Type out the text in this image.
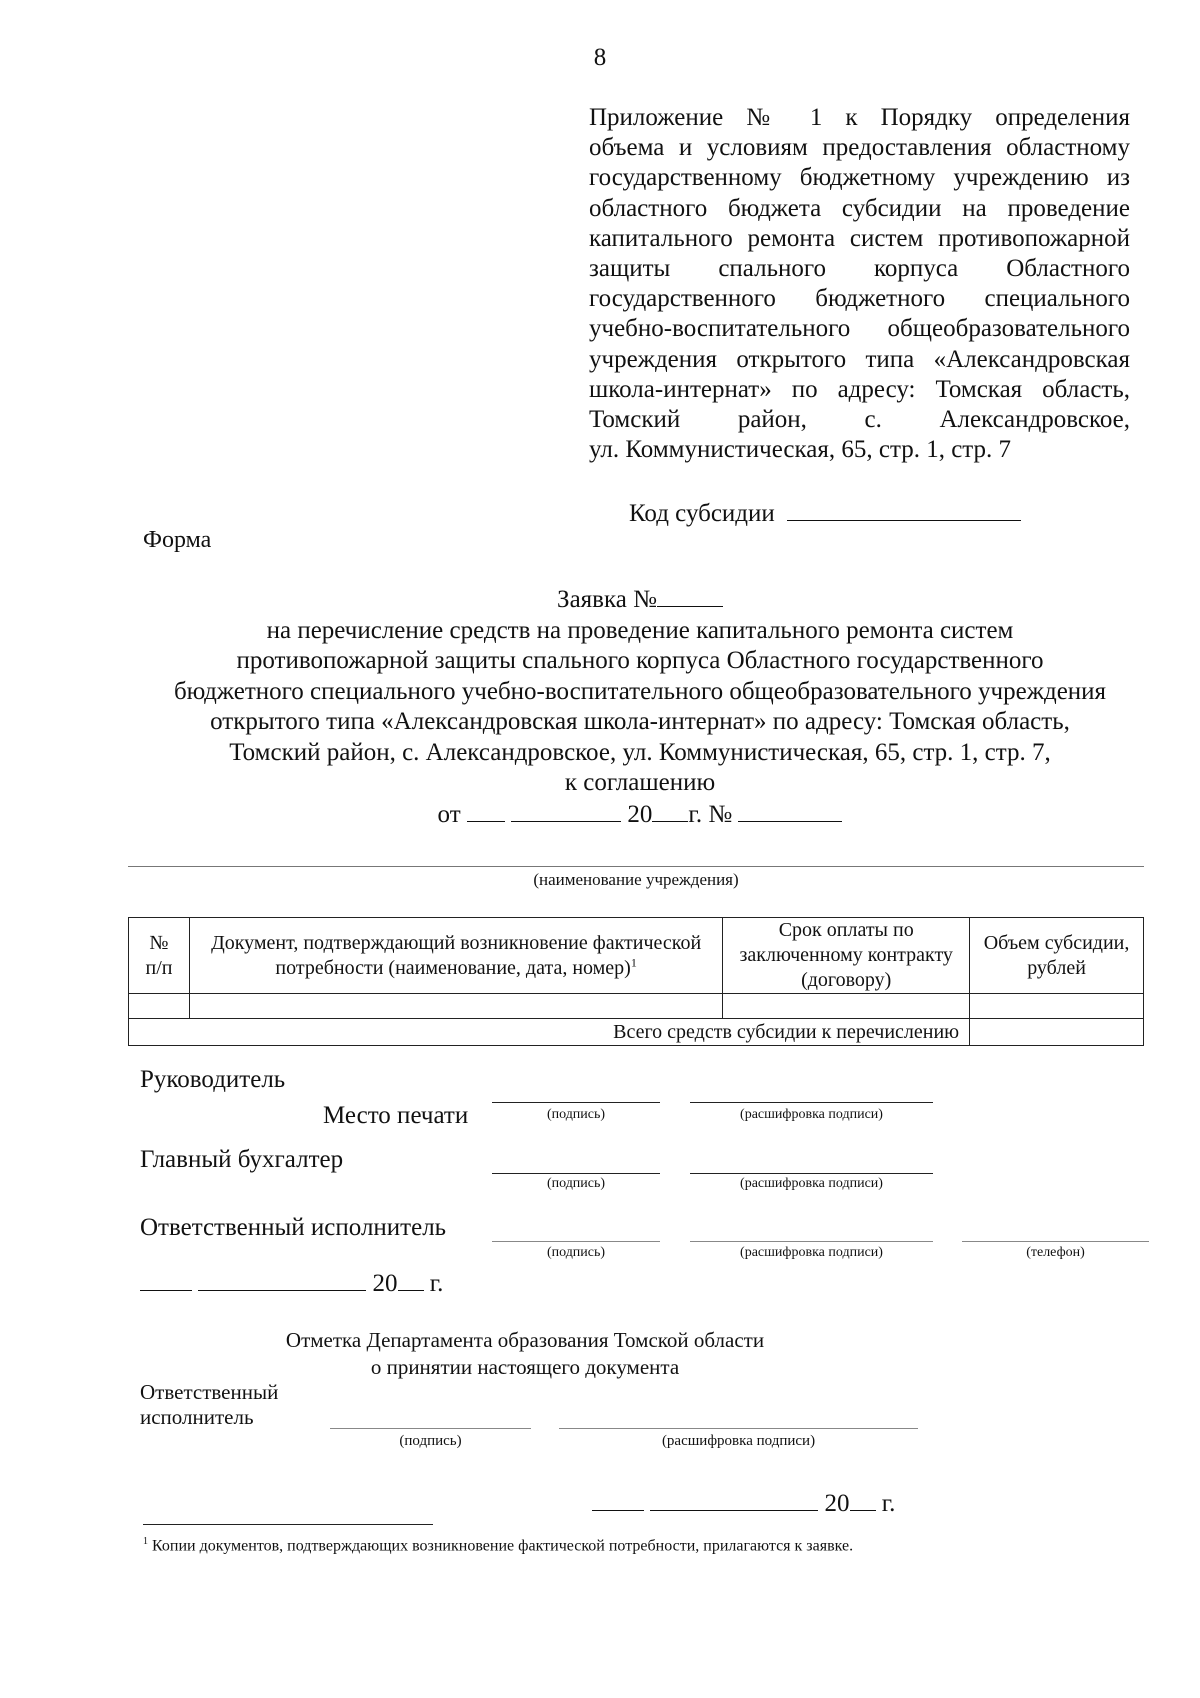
8
Приложение № 1 к Порядку определения
объема и условиям предоставления областному
государственному бюджетному учреждению из
областного бюджета субсидии на проведение
капитального ремонта систем противопожарной
защиты спального корпуса Областного
государственного бюджетного специального
учебно-воспитательного общеобразовательного
учреждения открытого типа «Александровская
школа-интернат» по адресу: Томская область,
Томский район, с. Александровское,
ул. Коммунистическая, 65, стр. 1, стр. 7
Код субсидии
Форма
Заявка №
на перечисление средств на проведение капитального ремонта систем
противопожарной защиты спального корпуса Областного государственного
бюджетного специального учебно-воспитательного общеобразовательного учреждения
открытого типа «Александровская школа-интернат» по адресу: Томская область,
Томский район, с. Александровское, ул. Коммунистическая, 65, стр. 1, стр. 7,
к соглашению
от	20 г. №
(наименование учреждения)
№
п/п	Документ, подтверждающий возникновение фактической потребности (наименование, дата, номер)$^1$	Срок оплаты по заключенному контракту (договору)	Объем субсидии, рублей

Всего средств субсидии к перечислению			
Руководитель
Место печати	(подпись)	(расшифровка подписи)
Главный бухгалтер
(подпись)	(расшифровка подписи)
Ответственный исполнитель
(подпись)	(расшифровка подписи)	(телефон)
20 г.
Отметка Департамента образования Томской области
о принятии настоящего документа
Ответственный
исполнитель
(подпись)	(расшифровка подписи)
20 г.
$^1$ Копии документов, подтверждающих возникновение фактической потребности, прилагаются к заявке.
